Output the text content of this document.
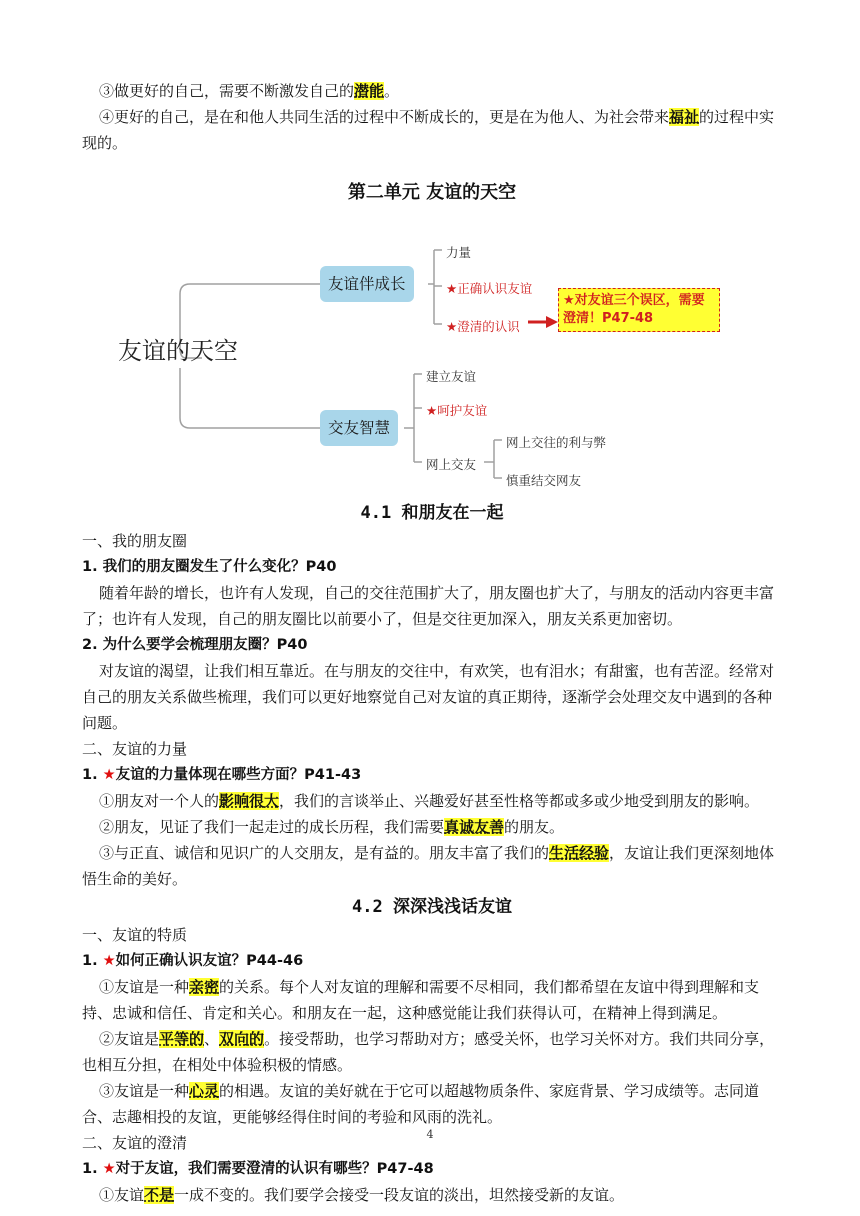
③做更好的自己，需要不断激发自己的潜能。

④更好的自己，是在和他人共同生活的过程中不断成长的，更是在为他人、为社会带来福祉的过程中实现的。

第二单元 友谊的天空

友谊的天空
友谊伴成长
力量
★正确认识友谊
★澄清的认识
★对友谊三个误区，需要澄清！P47-48
交友智慧
建立友谊
★呵护友谊
网上交友
网上交往的利与弊
慎重结交网友

4.1 和朋友在一起

一、我的朋友圈

1. 我们的朋友圈发生了什么变化？P40

随着年龄的增长，也许有人发现，自己的交往范围扩大了，朋友圈也扩大了，与朋友的活动内容更丰富了；也许有人发现，自己的朋友圈比以前要小了，但是交往更加深入，朋友关系更加密切。

2. 为什么要学会梳理朋友圈？P40

对友谊的渴望，让我们相互靠近。在与朋友的交往中，有欢笑，也有泪水；有甜蜜，也有苦涩。经常对自己的朋友关系做些梳理，我们可以更好地察觉自己对友谊的真正期待，逐渐学会处理交友中遇到的各种问题。

二、友谊的力量

1. ★友谊的力量体现在哪些方面？P41-43

①朋友对一个人的影响很大，我们的言谈举止、兴趣爱好甚至性格等都或多或少地受到朋友的影响。

②朋友，见证了我们一起走过的成长历程，我们需要真诚友善的朋友。

③与正直、诚信和见识广的人交朋友，是有益的。朋友丰富了我们的生活经验，友谊让我们更深刻地体悟生命的美好。

4.2 深深浅浅话友谊

一、友谊的特质

1. ★如何正确认识友谊？P44-46

①友谊是一种亲密的关系。每个人对友谊的理解和需要不尽相同，我们都希望在友谊中得到理解和支持、忠诚和信任、肯定和关心。和朋友在一起，这种感觉能让我们获得认可，在精神上得到满足。

②友谊是平等的、双向的。接受帮助，也学习帮助对方；感受关怀，也学习关怀对方。我们共同分享，也相互分担，在相处中体验积极的情感。

③友谊是一种心灵的相遇。友谊的美好就在于它可以超越物质条件、家庭背景、学习成绩等。志同道合、志趣相投的友谊，更能够经得住时间的考验和风雨的洗礼。

二、友谊的澄清

1. ★对于友谊，我们需要澄清的认识有哪些？P47-48

①友谊不是一成不变的。我们要学会接受一段友谊的淡出，坦然接受新的友谊。

4
